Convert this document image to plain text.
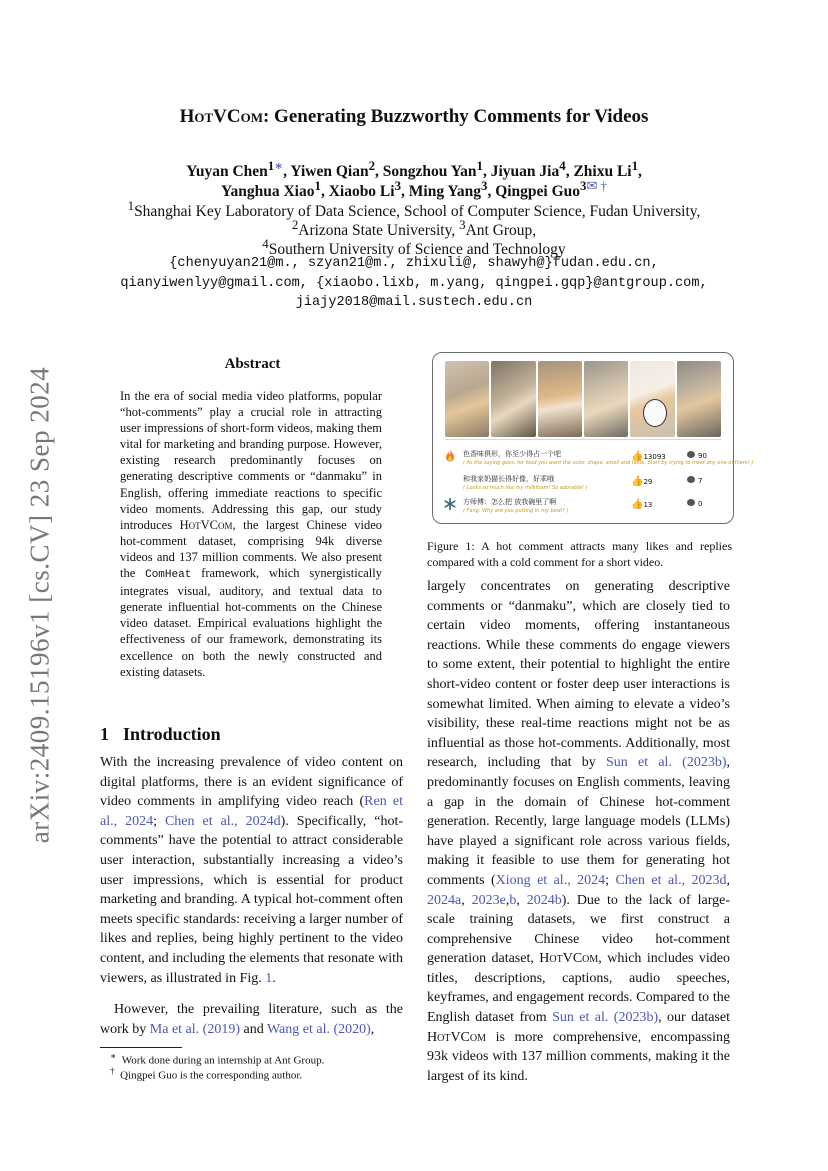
HotVCom: Generating Buzzworthy Comments for Videos
Yuyan Chen$^{1∗}$, Yiwen Qian$^2$, Songzhou Yan$^1$, Jiyuan Jia$^4$, Zhixu Li$^1$,
Yanghua Xiao$^1$, Xiaobo Li$^3$, Ming Yang$^3$, Qingpei Guo$^{3✉ \dagger}$
$^1$Shanghai Key Laboratory of Data Science, School of Computer Science, Fudan University,
$^2$Arizona State University, $^3$Ant Group,
$^4$Southern University of Science and Technology
{chenyuyan21@m., szyan21@m., zhixuli@, shawyh@}fudan.edu.cn,
qianyiwenlyy@gmail.com, {xiaobo.lixb, m.yang, qingpei.gqp}@antgroup.com,
jiajy2018@mail.sustech.edu.cn
arXiv:2409.15196v1 [cs.CV] 23 Sep 2024
Abstract
In the era of social media video platforms, popular “hot-comments” play a crucial role in attracting user impressions of short-form videos, making them vital for marketing and branding purpose. However, existing research predominantly focuses on generating descriptive comments or “danmaku” in English, offering immediate reactions to specific video moments. Addressing this gap, our study introduces HotVCom, the largest Chinese video hot-comment dataset, comprising 94k diverse videos and 137 million comments. We also present the ComHeat framework, which synergistically integrates visual, auditory, and textual data to generate influential hot-comments on the Chinese video dataset. Empirical evaluations highlight the effectiveness of our framework, demonstrating its excellence on both the newly constructed and existing datasets.
1 Introduction
With the increasing prevalence of video content on digital platforms, there is an evident significance of video comments in amplifying video reach (Ren et al., 2024; Chen et al., 2024d). Specifically, “hot-comments” have the potential to attract considerable user interaction, substantially increasing a video’s user impressions, which is essential for product marketing and branding. A typical hot-comment often meets specific standards: receiving a larger number of likes and replies, being highly pertinent to the video content, and including the elements that resonate with viewers, as illustrated in Fig. 1.
However, the prevailing literature, such as the work by Ma et al. (2019) and Wang et al. (2020),
∗ Work done during an internship at Ant Group.
† Qingpei Guo is the corresponding author.
色香味俱形，你至少得占一个吧
( As the saying goes, for food you want the color, shape, smell and taste. Start by trying to meet any one of them! )
👍13093	90
和我家奶猫长得好像，好乖哦
( Looks so much like my milkfoam! So adorable! )
👍29	7
方师傅：怎么把 放我碗里了啊
( Fang: Why are you putting in my bowl? )
👍13	0
Figure 1: A hot comment attracts many likes and replies compared with a cold comment for a short video.
largely concentrates on generating descriptive comments or “danmaku”, which are closely tied to certain video moments, offering instantaneous reactions. While these comments do engage viewers to some extent, their potential to highlight the entire short-video content or foster deep user interactions is somewhat limited. When aiming to elevate a video’s visibility, these real-time reactions might not be as influential as those hot-comments. Additionally, most research, including that by Sun et al. (2023b), predominantly focuses on English comments, leaving a gap in the domain of Chinese hot-comment generation. Recently, large language models (LLMs) have played a significant role across various fields, making it feasible to use them for generating hot comments (Xiong et al., 2024; Chen et al., 2023d, 2024a, 2023e,b, 2024b). Due to the lack of large-scale training datasets, we first construct a comprehensive Chinese video hot-comment generation dataset, HotVCom, which includes video titles, descriptions, captions, audio speeches, keyframes, and engagement records. Compared to the English dataset from Sun et al. (2023b), our dataset HotVCom is more comprehensive, encompassing 93k videos with 137 million comments, making it the largest of its kind.
